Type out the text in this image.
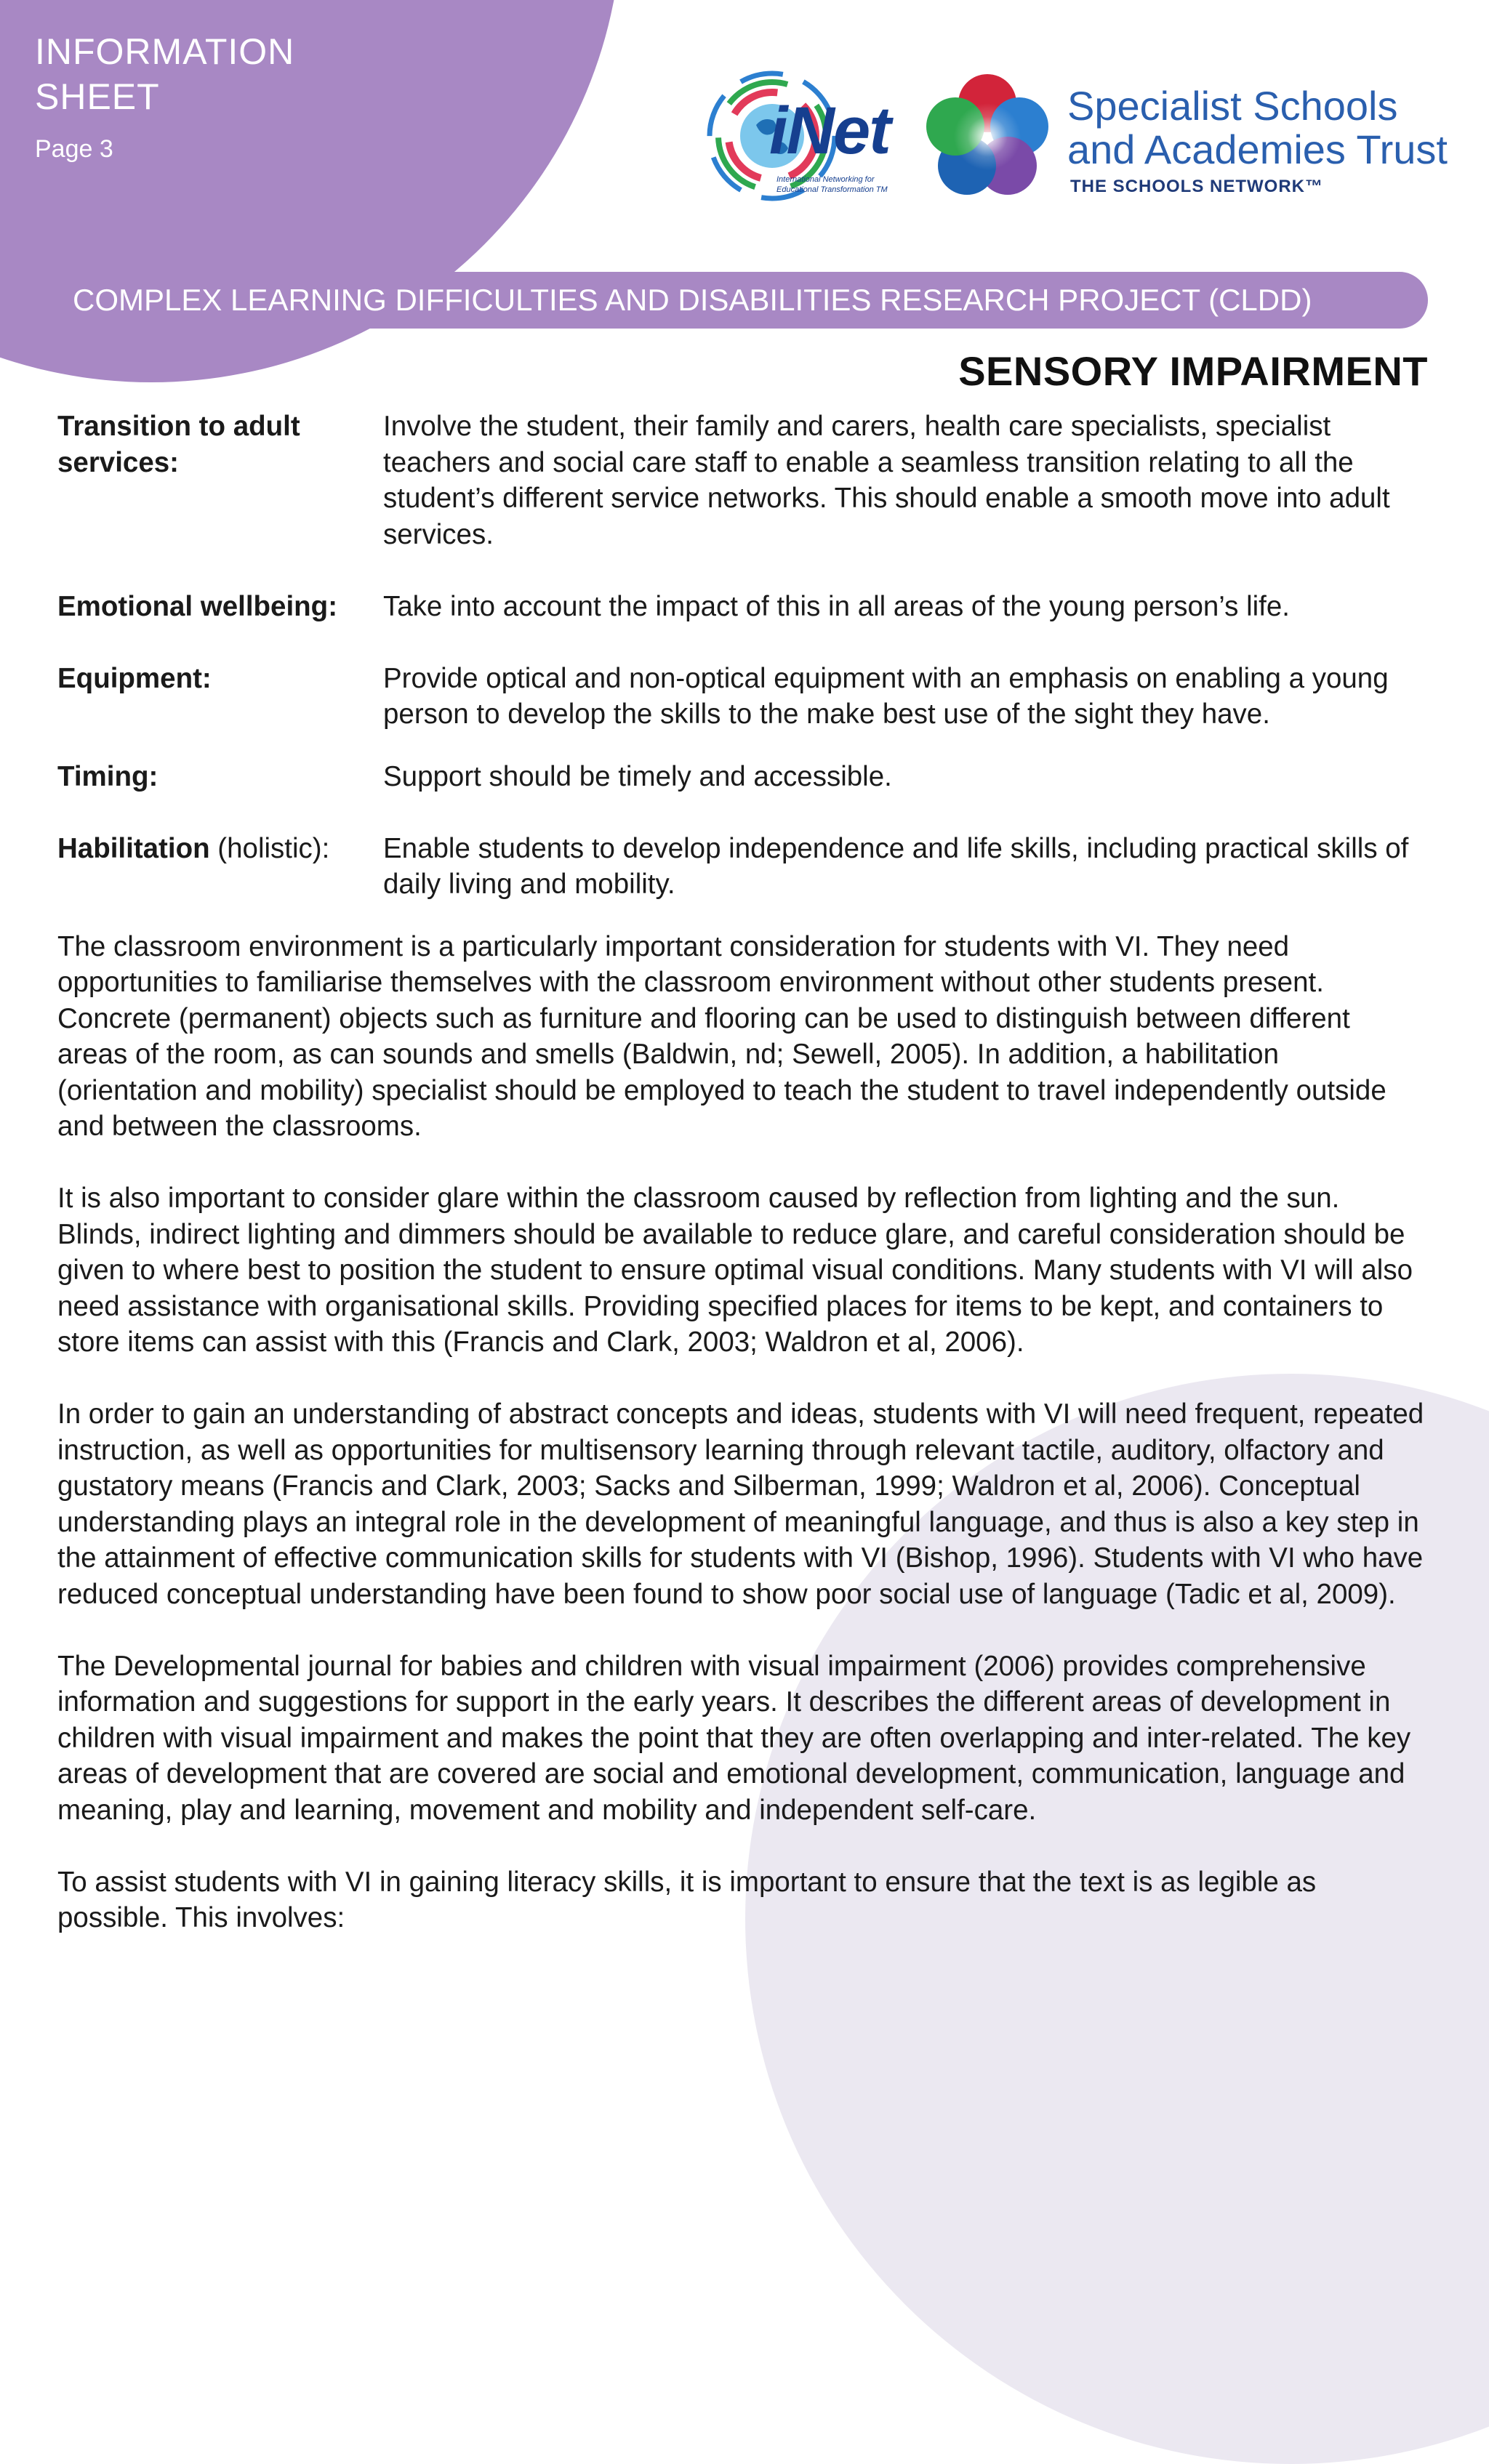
INFORMATION
SHEET
Page 3	iNet
International Networking for
Educational Transformation TM
Specialist Schools
and Academies Trust
THE SCHOOLS NETWORK™
COMPLEX LEARNING DIFFICULTIES AND DISABILITIES RESEARCH PROJECT (CLDD)
SENSORY IMPAIRMENT
Transition to adult services:
Involve the student, their family and carers, health care specialists, specialist teachers and social care staff to enable a seamless transition relating to all the student’s different service networks. This should enable a smooth move into adult services.
Emotional wellbeing:	Take into account the impact of this in all areas of the young person’s life.
Equipment:	Provide optical and non-optical equipment with an emphasis on enabling a young person to develop the skills to the make best use of the sight they have.
Timing:	Support should be timely and accessible.
Habilitation (holistic):	Enable students to develop independence and life skills, including practical skills of daily living and mobility.

The classroom environment is a particularly important consideration for students with VI. They need opportunities to familiarise themselves with the classroom environment without other students present. Concrete (permanent) objects such as furniture and flooring can be used to distinguish between different areas of the room, as can sounds and smells (Baldwin, nd; Sewell, 2005). In addition, a habilitation (orientation and mobility) specialist should be employed to teach the student to travel independently outside and between the classrooms.

It is also important to consider glare within the classroom caused by reflection from lighting and the sun. Blinds, indirect lighting and dimmers should be available to reduce glare, and careful consideration should be given to where best to position the student to ensure optimal visual conditions. Many students with VI will also need assistance with organisational skills. Providing specified places for items to be kept, and containers to store items can assist with this (Francis and Clark, 2003; Waldron et al, 2006).

In order to gain an understanding of abstract concepts and ideas, students with VI will need frequent, repeated instruction, as well as opportunities for multisensory learning through relevant tactile, auditory, olfactory and gustatory means (Francis and Clark, 2003; Sacks and Silberman, 1999; Waldron et al, 2006). Conceptual understanding plays an integral role in the development of meaningful language, and thus is also a key step in the attainment of effective communication skills for students with VI (Bishop, 1996). Students with VI who have reduced conceptual understanding have been found to show poor social use of language (Tadic et al, 2009).

The Developmental journal for babies and children with visual impairment (2006) provides comprehensive information and suggestions for support in the early years. It describes the different areas of development in children with visual impairment and makes the point that they are often overlapping and inter-related. The key areas of development that are covered are social and emotional development, communication, language and meaning, play and learning, movement and mobility and independent self-care.

To assist students with VI in gaining literacy skills, it is important to ensure that the text is as legible as possible. This involves:
